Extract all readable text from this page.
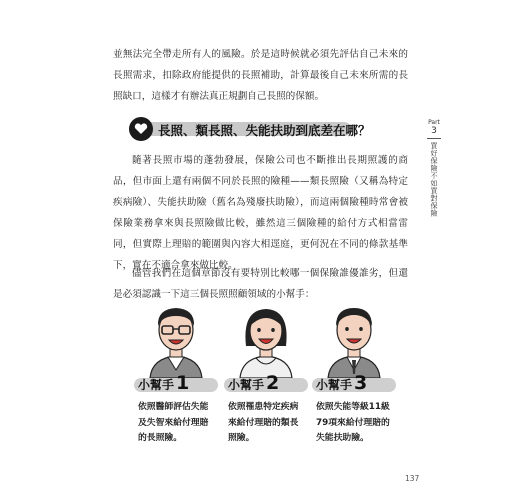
並無法完全帶走所有人的風險。於是這時候就必須先評估自己未來的長照需求，扣除政府能提供的長照補助，計算最後自己未來所需的長照缺口，這樣才有辦法真正規劃自己長照的保額。

長照、類長照、失能扶助到底差在哪？
Part
3
買好保險不如買對保險

隨著長照市場的蓬勃發展，保險公司也不斷推出長期照護的商品，但市面上還有兩個不同於長照的險種——類長照險（又稱為特定疾病險）、失能扶助險（舊名為殘廢扶助險），而這兩個險種時常會被保險業務拿來與長照險做比較，雖然這三個險種的給付方式相當雷同，但實際上理賠的範圍與內容大相逕庭，更何況在不同的條款基準下，實在不適合拿來做比較。

儘管我們在這個章節沒有要特別比較哪一個保險誰優誰劣，但還是必須認識一下這三個長照照顧領域的小幫手：

小幫手 1
依照醫師評估失能及失智來給付理賠的長照險。
小幫手 2
依照罹患特定疾病來給付理賠的類長照險。
小幫手 3
依照失能等級11級79項來給付理賠的失能扶助險。
137
